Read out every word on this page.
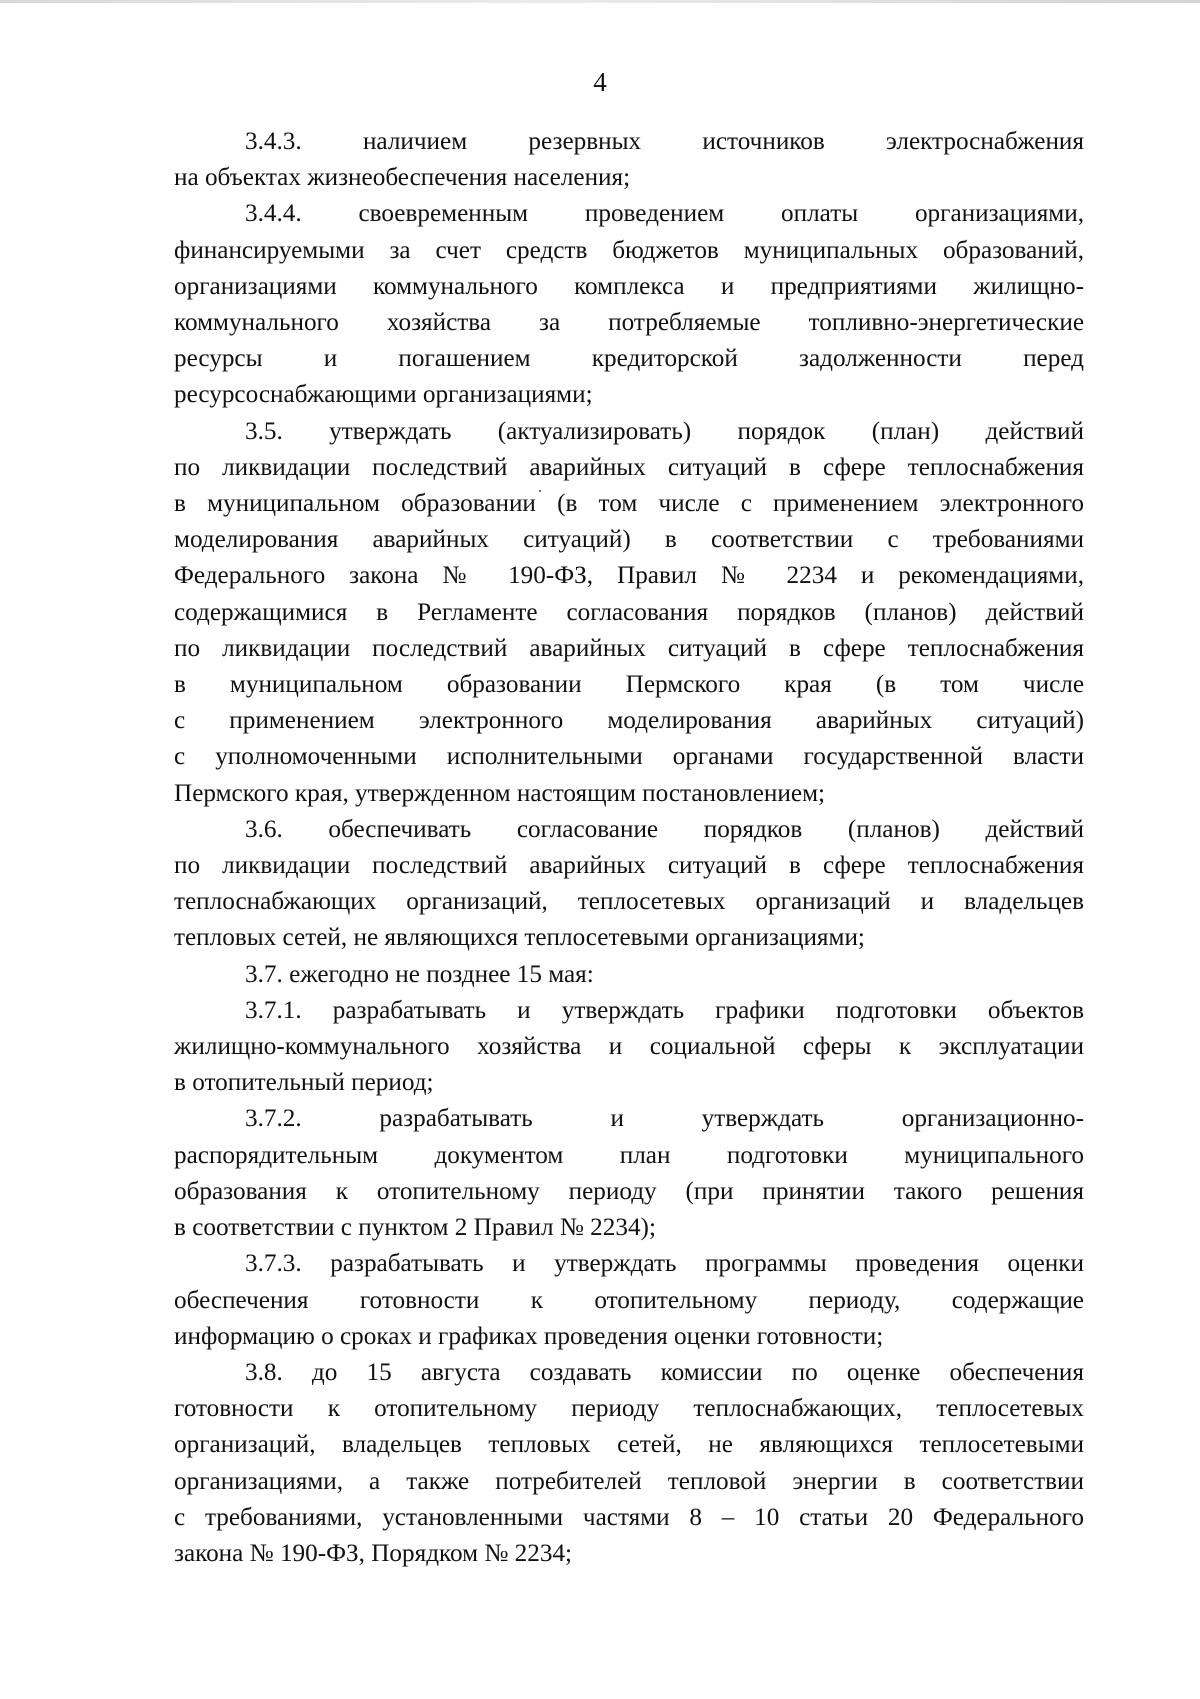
4

3.4.3. наличием резервных источников электроснабжения
на объектах жизнеобеспечения населения;

3.4.4. своевременным проведением оплаты организациями,
финансируемыми за счет средств бюджетов муниципальных образований,
организациями коммунального комплекса и предприятиями жилищно-
коммунального хозяйства за потребляемые топливно-энергетические
ресурсы и погашением кредиторской задолженности перед
ресурсоснабжающими организациями;

3.5. утверждать (актуализировать) порядок (план) действий
по ликвидации последствий аварийных ситуаций в сфере теплоснабжения
в муниципальном образовании (в том числе с применением электронного
моделирования аварийных ситуаций) в соответствии с требованиями
Федерального закона № 190-ФЗ, Правил № 2234 и рекомендациями,
содержащимися в Регламенте согласования порядков (планов) действий
по ликвидации последствий аварийных ситуаций в сфере теплоснабжения
в муниципальном образовании Пермского края (в том числе
с применением электронного моделирования аварийных ситуаций)
с уполномоченными исполнительными органами государственной власти
Пермского края, утвержденном настоящим постановлением;

3.6. обеспечивать согласование порядков (планов) действий
по ликвидации последствий аварийных ситуаций в сфере теплоснабжения
теплоснабжающих организаций, теплосетевых организаций и владельцев
тепловых сетей, не являющихся теплосетевыми организациями;

3.7. ежегодно не позднее 15 мая:

3.7.1. разрабатывать и утверждать графики подготовки объектов
жилищно-коммунального хозяйства и социальной сферы к эксплуатации
в отопительный период;

3.7.2. разрабатывать и утверждать организационно-
распорядительным документом план подготовки муниципального
образования к отопительному периоду (при принятии такого решения
в соответствии с пунктом 2 Правил № 2234);

3.7.3. разрабатывать и утверждать программы проведения оценки
обеспечения готовности к отопительному периоду, содержащие
информацию о сроках и графиках проведения оценки готовности;

3.8. до 15 августа создавать комиссии по оценке обеспечения
готовности к отопительному периоду теплоснабжающих, теплосетевых
организаций, владельцев тепловых сетей, не являющихся теплосетевыми
организациями, а также потребителей тепловой энергии в соответствии
с требованиями, установленными частями 8 – 10 статьи 20 Федерального
закона № 190-ФЗ, Порядком № 2234;
